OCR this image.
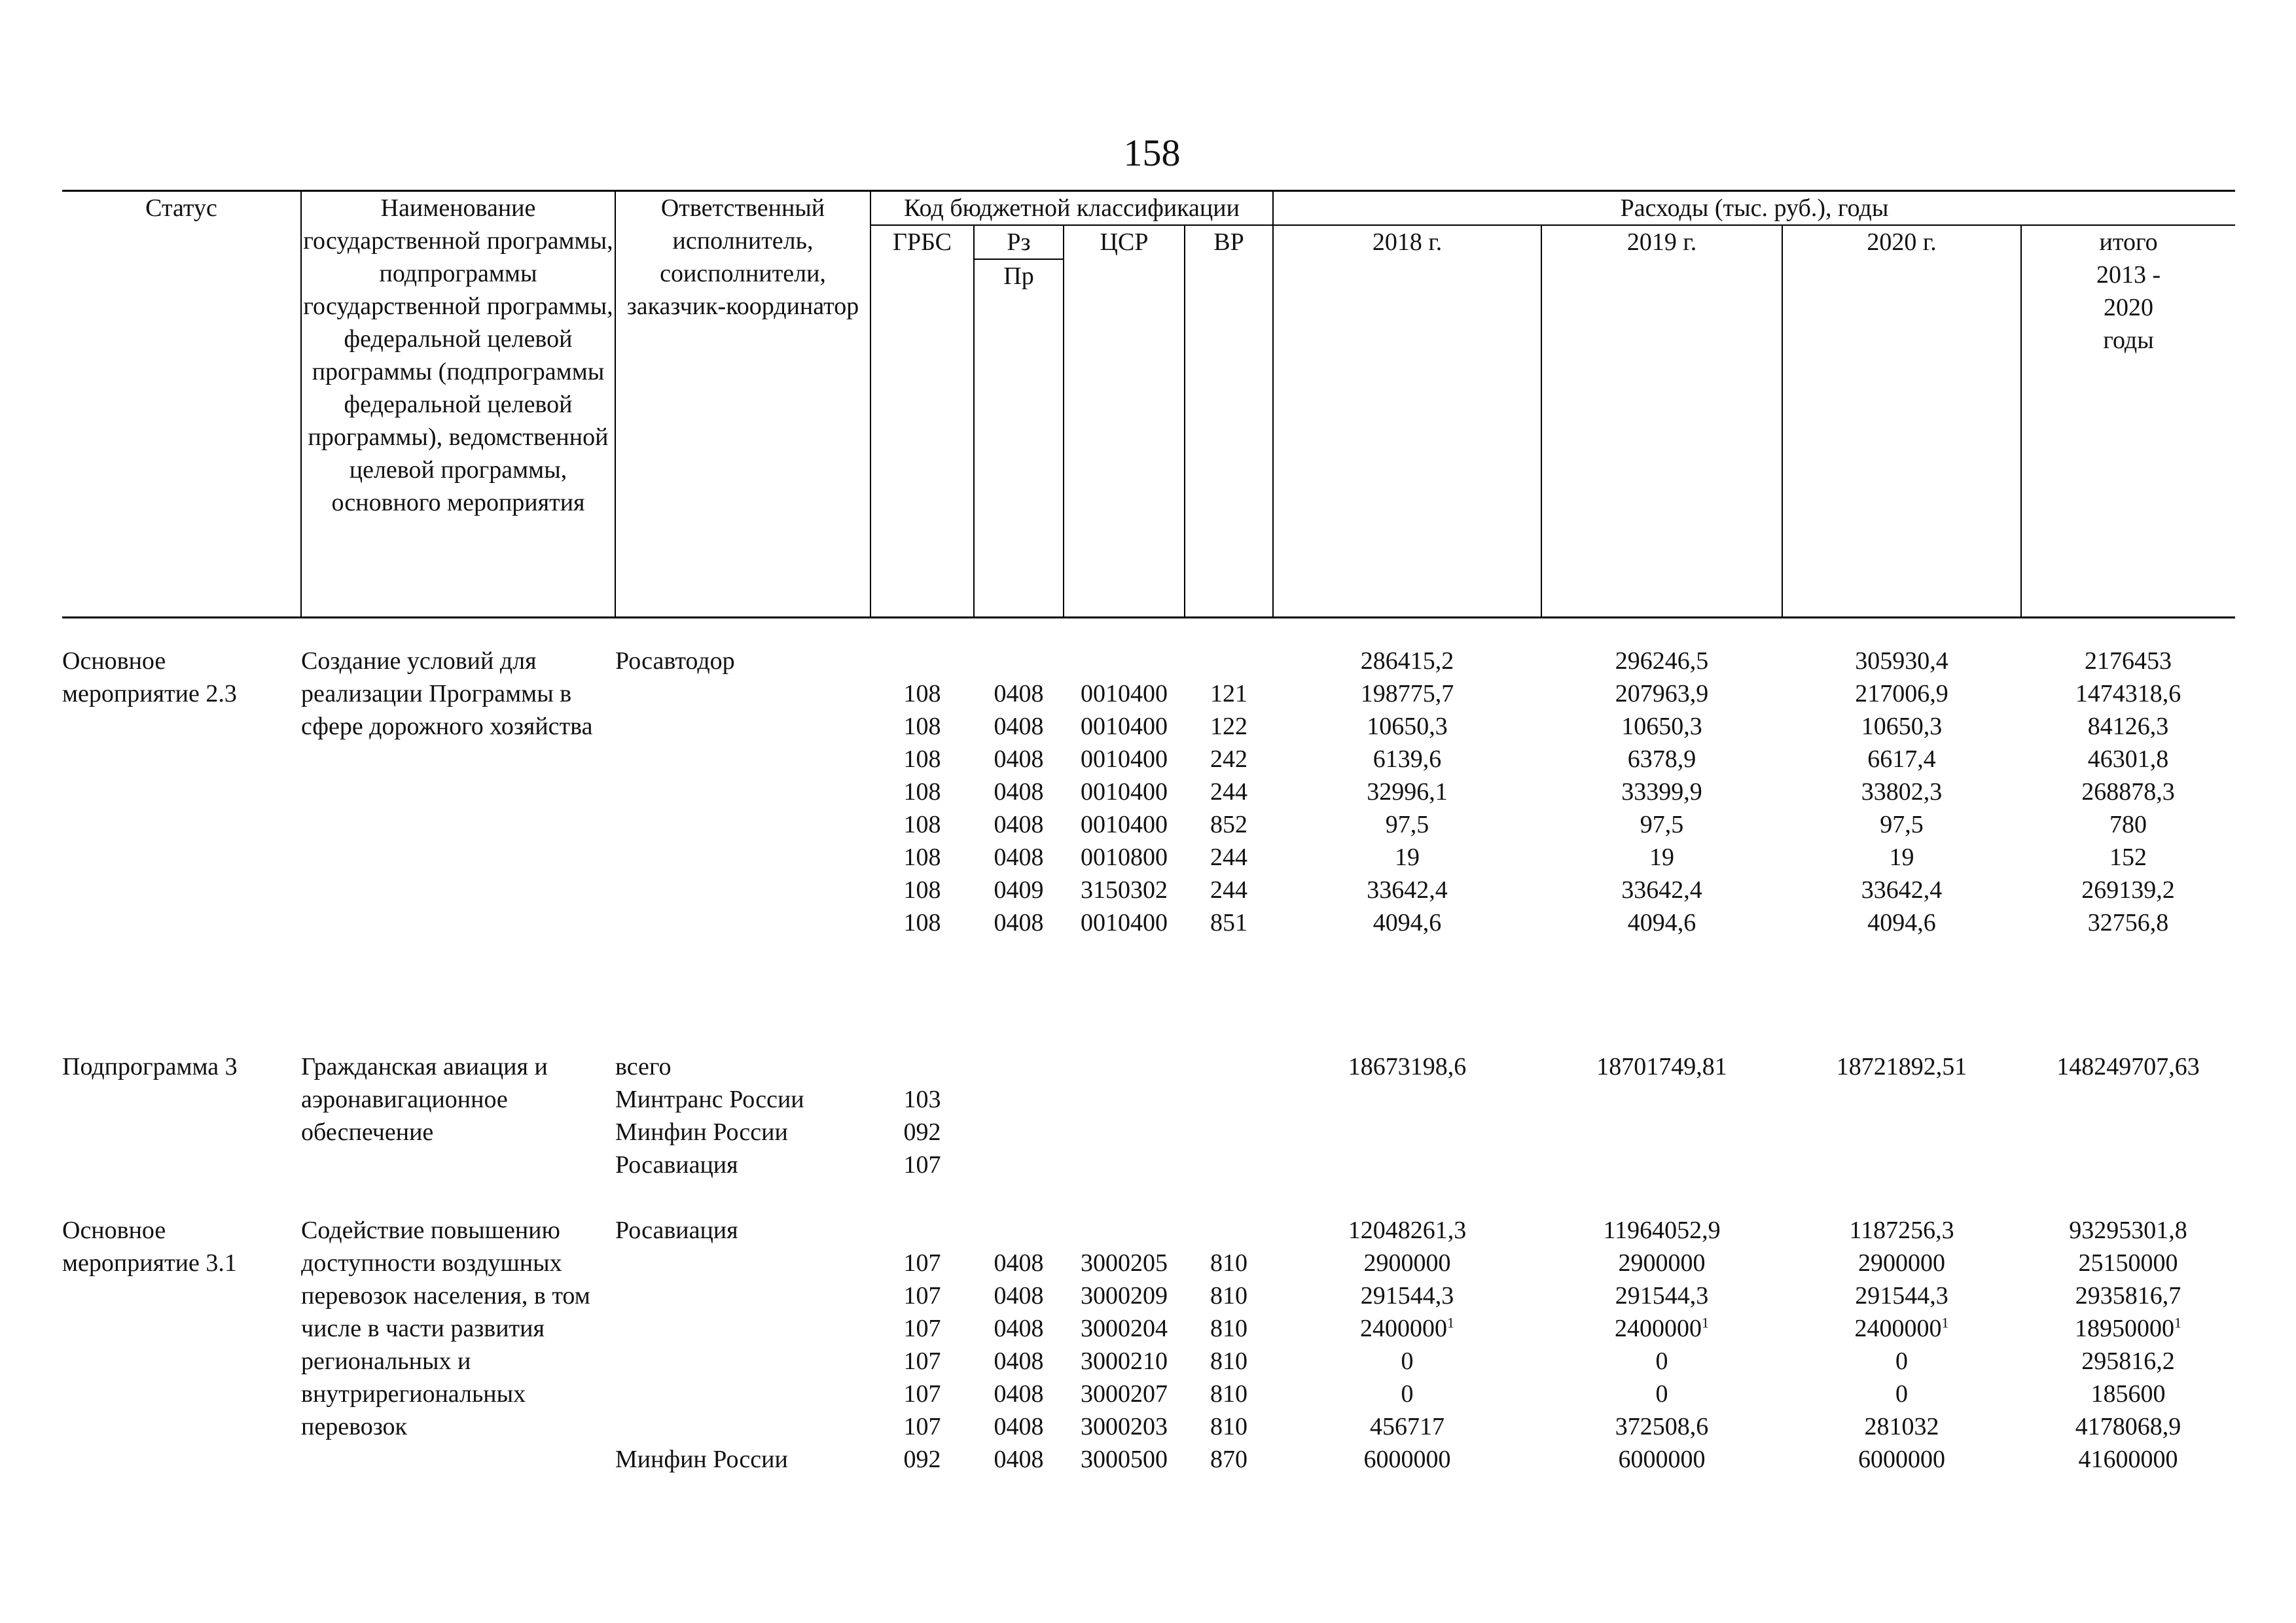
158
Статус	Наименование государственной программы, подпрограммы государственной программы, федеральной целевой программы (подпрограммы федеральной целевой программы), ведомственной целевой программы, основного мероприятия	Ответственный исполнитель, соисполнители, заказчик-координатор	Код бюджетной классификации				Расходы (тыс. руб.), годы			
			ГРБС	Рз	ЦСР	ВР	2018 г.	2019 г.	2020 г.	итого 2013 - 2020 годы
				Пр						

Основное мероприятие 2.3	Создание условий для реализации Программы в сфере дорожного хозяйства	Росавтодор					286415,2	296246,5	305930,4	2176453
			108	0408	0010400	121	198775,7	207963,9	217006,9	1474318,6
			108	0408	0010400	122	10650,3	10650,3	10650,3	84126,3
			108	0408	0010400	242	6139,6	6378,9	6617,4	46301,8
			108	0408	0010400	244	32996,1	33399,9	33802,3	268878,3
			108	0408	0010400	852	97,5	97,5	97,5	780
			108	0408	0010800	244	19	19	19	152
			108	0409	3150302	244	33642,4	33642,4	33642,4	269139,2
			108	0408	0010400	851	4094,6	4094,6	4094,6	32756,8

Подпрограмма 3	Гражданская авиация и аэронавигационное обеспечение	всего					18673198,6	18701749,81	18721892,51	148249707,63
		Минтранс России	103							
		Минфин России	092							
		Росавиация	107							

Основное мероприятие 3.1	Содействие повышению доступности воздушных перевозок населения, в том числе в части развития региональных и внутрирегиональных перевозок	Росавиация					12048261,3	11964052,9	1187256,3	93295301,8
			107	0408	3000205	810	2900000	2900000	2900000	25150000
			107	0408	3000209	810	291544,3	291544,3	291544,3	2935816,7
			107	0408	3000204	810	2400000$^1$	2400000$^1$	2400000$^1$	18950000$^1$
			107	0408	3000210	810	0	0	0	295816,2
			107	0408	3000207	810	0	0	0	185600
			107	0408	3000203	810	456717	372508,6	281032	4178068,9
		Минфин России	092	0408	3000500	870	6000000	6000000	6000000	41600000
